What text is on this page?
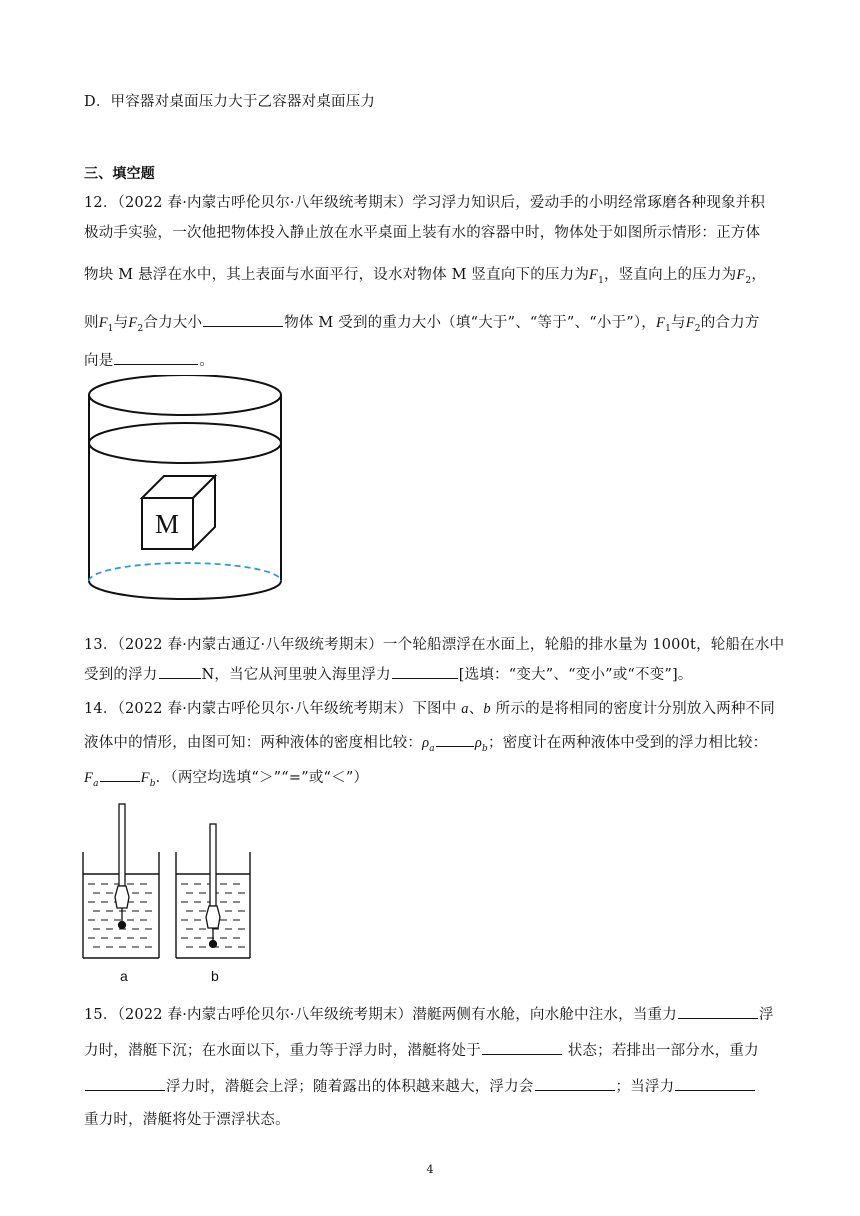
D．甲容器对桌面压力大于乙容器对桌面压力
三、填空题
12．（2022 春·内蒙古呼伦贝尔·八年级统考期末）学习浮力知识后，爱动手的小明经常琢磨各种现象并积
极动手实验，一次他把物体投入静止放在水平桌面上装有水的容器中时，物体处于如图所示情形：正方体
物块 M 悬浮在水中，其上表面与水面平行，设水对物体 M 竖直向下的压力为$F_1$，竖直向上的压力为$F_2$，
则$F_1$与$F_2$合力大小	物体 M 受到的重力大小（填“大于”、“等于”、“小于”），$F_1$与$F_2$的合力方
向是	。
M
13．（2022 春·内蒙古通辽·八年级统考期末）一个轮船漂浮在水面上，轮船的排水量为 1000t，轮船在水中
受到的浮力	N，当它从河里驶入海里浮力	[选填：“变大”、“变小”或“不变”]。
14．（2022 春·内蒙古呼伦贝尔·八年级统考期末）下图中 a、b 所示的是将相同的密度计分别放入两种不同
液体中的情形，由图可知：两种液体的密度相比较：$\rho_a$	$\rho_b$；密度计在两种液体中受到的浮力相比较：
$F_a$	$F_b$．（两空均选填“＞”“=”或“＜”）
a	b
15．（2022 春·内蒙古呼伦贝尔·八年级统考期末）潜艇两侧有水舱，向水舱中注水，当重力	浮
力时，潜艇下沉；在水面以下，重力等于浮力时，潜艇将处于	状态；若排出一部分水，重力
浮力时，潜艇会上浮；随着露出的体积越来越大，浮力会	；当浮力
重力时，潜艇将处于漂浮状态。
4
